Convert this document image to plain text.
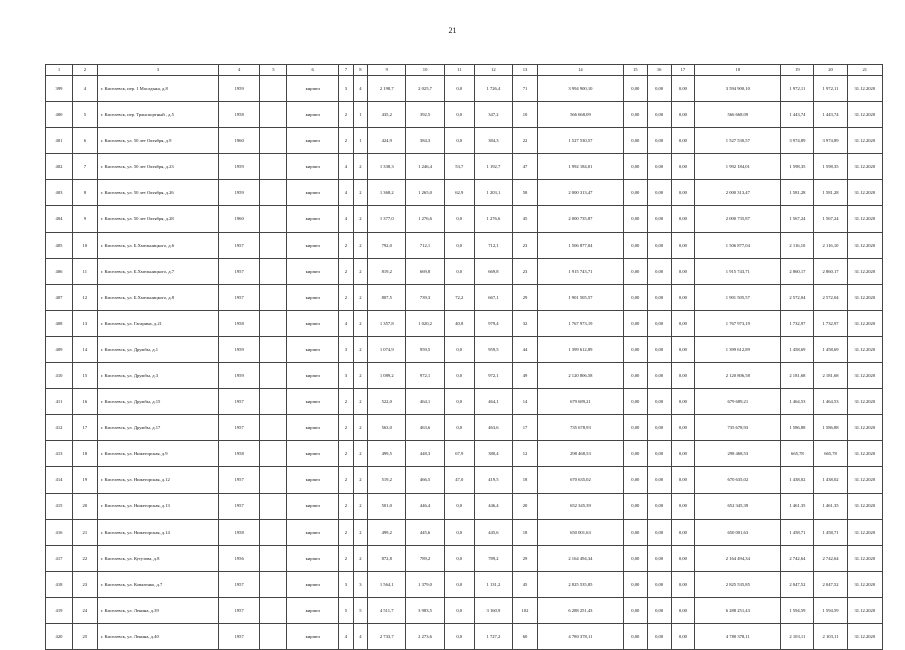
21
1	2	3	4	5	6	7	8	9	10	11	12	13	14	15	16	17	18	19	20	21
399	4	г. Киселевск, пер. 1 Маслдыка, д.8	1959		кирпич	3	4	2 198,7	2 025,7	0,0	1 726,4	71	3 994 900,10	0,00	0,00	0,00	3 594 900,10	1 972,11	1 972,11	31.12.2020
400	5	г. Киселевск, пер. Транспортный , д.5	1958		кирпич	2	1	435,2	392,5	0,0	347,2	10	566 668,09	0,00	0,00	0,00	566 668,09	1 443,74	1 443,74	31.12.2020
401	6	г. Киселевск, ул. 50 лет Октября, д.9	1960		кирпич	2	1	424,9	384,3	0,0	384,3	22	1 527 530,57	0,00	0,00	0,00	1 527 530,57	3 974,89	3 974,89	31.12.2020
402	7	г. Киселевск, ул. 50 лет Октября, д.23	1959		кирпич	4	2	1 338,3	1 246,4	53,7	1 192,7	47	1 992 184,01	0,00	0,00	0,00	1 992 184,01	1 598,35	1 598,35	31.12.2020
403	8	г. Киселевск, ул. 50 лет Октября, д.26	1959		кирпич	4	2	1 368,2	1 265,0	62,9	1 203,1	58	2 000 313,47	0,00	0,00	0,00	2 000 313,47	1 581,28	1 581,28	31.12.2020
404	9	г. Киселевск, ул. 50 лет Октября, д.28	1960		кирпич	4	2	1 377,0	1 276,6	0,0	1 276,6	45	2 000 735,87	0,00	0,00	0,00	2 000 735,87	1 567,24	1 567,24	31.12.2020
405	10	г. Киселевск, ул. Б.Хмельницкого, д.6	1957		кирпич	2	2	792,0	712,1	0,0	712,1	23	1 506 877,04	0,00	0,00	0,00	1 506 877,04	2 116,10	2 116,10	31.12.2020
406	11	г. Киселевск, ул. Б.Хмельницкого, д.7	1957		кирпич	2	2	819,2	669,8	0,0	669,8	23	1 915 743,71	0,00	0,00	0,00	1 915 743,71	2 860,17	2 860,17	31.12.2020
407	12	г. Киселевск, ул. Б.Хмельницкого, д.8	1957		кирпич	2	2	807,5	739,3	72,2	667,1	29	1 901 505,57	0,00	0,00	0,00	1 901 505,57	2 572,04	2 572,04	31.12.2020
408	13	г. Киселевск, ул. Гагарина, д.21	1958		кирпич	4	2	1 357,8	1 020,2	40,8	979,4	32	1 767 973,19	0,00	0,00	0,00	1 767 973,19	1 732,97	1 732,97	31.12.2020
409	14	г. Киселевск, ул. Дружбы, д.1	1959		кирпич	3	2	1 074,9	959,5	0,0	959,5	44	1 399 612,89	0,00	0,00	0,00	1 399 612,89	1 458,69	1 458,69	31.12.2020
410	15	г. Киселевск, ул. Дружбы, д.3	1959		кирпич	3	2	1 089,2	972,1	0,0	972,1	49	2 120 806,58	0,00	0,00	0,00	2 120 806,58	2 181,68	2 181,68	31.12.2020
411	16	г. Киселевск, ул. Дружбы, д.15	1957		кирпич	2	2	522,0	464,1	0,0	464,1	14	679 689,21	0,00	0,00	0,00	679 689,21	1 464,53	1 464,53	31.12.2020
412	17	г. Киселевск, ул. Дружбы, д.17	1957		кирпич	2	2	563,0	463,6	0,0	463,6	17	735 678,93	0,00	0,00	0,00	735 678,93	1 586,88	1 586,88	31.12.2020
413	18	г. Киселевск, ул. Нижегорская, д.9	1958		кирпич	2	2	499,5	448,3	67,9	380,4	12	298 468,53	0,00	0,00	0,00	298 468,53	665,78	665,78	31.12.2020
414	19	г. Киселевск, ул. Нижегорская, д.12	1957		кирпич	2	2	519,2	466,5	47,0	419,5	18	670 635,02	0,00	0,00	0,00	670 635,02	1 438,02	1 438,02	31.12.2020
415	20	г. Киселевск, ул. Нижегорская, д.13	1957		кирпич	2	2	501,0	446,4	0,0	446,4	20	652 345,39	0,00	0,00	0,00	652 345,39	1 461,35	1 461,35	31.12.2020
416	21	г. Киселевск, ул. Нижегорская, д.14	1958		кирпич	2	2	499,2	445,6	0,0	445,6	18	650 001,63	0,00	0,00	0,00	650 001,63	1 458,71	1 458,71	31.12.2020
417	22	г. Киселевск, ул. Кутузова, д.8	1956		кирпич	2	2	872,8	789,2	0,0	789,2	29	2 164 494,34	0,00	0,00	0,00	2 164 494,34	2 742,64	2 742,64	31.12.2020
418	23	г. Киселевск, ул. Коваленко, д.7	1957		кирпич	3	3	1 564,1	1 379,0	0,0	1 131,2	45	2 825 535,85	0,00	0,00	0,00	2 825 535,85	2 047,52	2 047,52	31.12.2020
419	24	г. Киселевск, ул. Ленина, д.39	1957		кирпич	5	5	4 511,7	3 983,5	0,0	3 160,9	102	6 288 251,43	0,00	0,00	0,00	6 288 251,43	1 594,59	1 594,59	31.12.2020
420	25	г. Киселевск, ул. Ленина, д.40	1957		кирпич	4	4	2 733,7	2 273,6	0,0	1 727,2	60	4 780 378,11	0,00	0,00	0,00	4 780 378,11	2 103,11	2 103,11	31.12.2020
